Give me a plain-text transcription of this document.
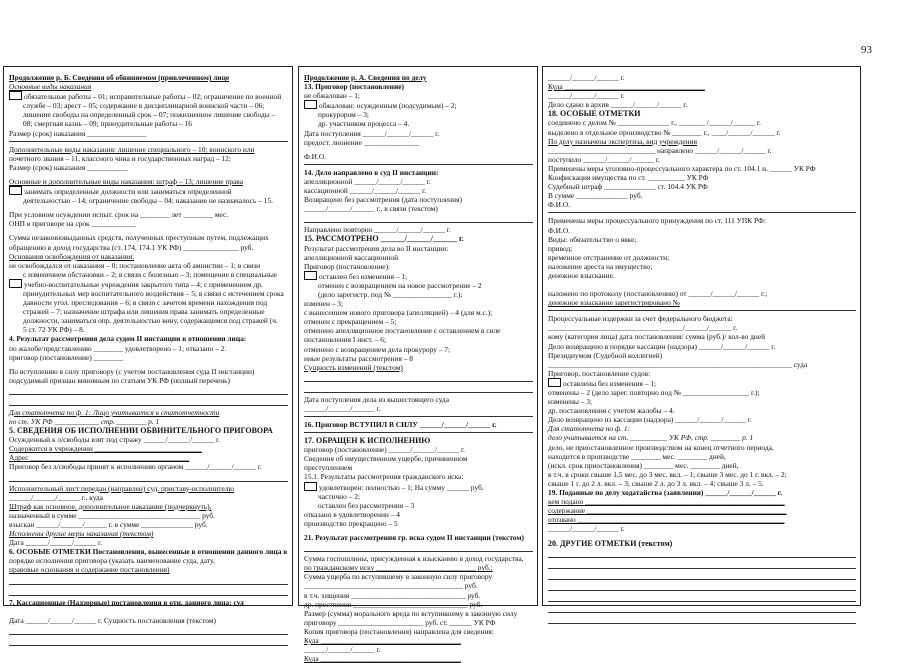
93
Продолжение р. Б. Сведения об обвиняемом (привлеченном) лице
Основные виды наказания
обязательные работы – 01; исправительные работы – 02; ограничение по военной
службе – 03; арест – 05; содержание в дисциплинарной воинской части – 06;
лишение свободы на определенный срок – 07; пожизненное лишение свободы –
08; смертная казнь – 09; принудительные работы – 16
Размер (срок) наказания ________________
Дополнительные виды наказания: лишение специального – 10; воинского или
почетного звания – 11, классного чина и государственных наград – 12;
Размер (срок) наказания ___________
Основные и дополнительные виды наказания: штраф – 13; лишение права
занимать определенные должности или заниматься определенной
деятельностью – 14; ограничение свободы – 04; наказание не назначалось – 15.
При условном осуждении испыт. срок на ________ лет ________ мес.
ОНП в приговоре на срок ____________
Сумма незаконновыданных средств, полученных преступным путем, подлежащих
обращению в доход государства (ст. 174, 174.1 УК РФ) _______________ руб.
Основания освобождения от наказания:
не освобождался от наказания – 0; постановление акта об амнистии – 1; в связи
с изменением обстановки – 2; в связи с болезнью – 3; помещение в специальные
учебно-воспитательные учреждения закрытого типа – 4; с применением др.
принудительных мер воспитательного воздействия – 5; в связи с истечением срока
давности угол. преследования – 6; в связи с зачетом времени нахождения под
стражей – 7; назначение штрафа или лишения права занимать определенные
должности, заниматься опр. деятельностью вину, содержащимся под стражей (ч.
5 ст. 72 УК РФ) – 8.
4. Результат рассмотрения дела судом II инстанции в отношении лица:
по жалобе/представлению ________ удовлетворено – 1; отказано – 2.
приговор (постановление) ________
По вступлению в силу приговору (с учетом постановления суда II инстанции)
подсудимый признан виновным по статьям УК РФ (полный перечень)
Для статотчета по ф. 1: Лицо учитывается в статотчетности
по ст. УК РФ ____________ стр. ________ р. 1
5. СВЕДЕНИЯ ОБ ИСПОЛНЕНИИ ОБВИНИТЕЛЬНОГО ПРИГОВОРА
Осужденный к л/свободы взят под стражу ______/______/______ г.
Содержится в учреждении _____________________________
Адрес ___________________________________________
Приговор без л/свободы принят к исполнению органом ______/______/______ г.
Исполнительный лист передан (направлен) суд. приставу-исполнителю
______/______/______ г., куда
Штраф как основное, дополнительное наказание (подчеркнуть),
назначенный в сумме _________________________________ руб.
взыскан ______/______/______ г. в сумме ______________ руб.
Исполнены другие меры наказания (текстом)
Дата ______/______/______ г.
6. ОСОБЫЕ ОТМЕТКИ Постановления, вынесенные в отношении данного лица в
порядке исполнения приговора (указать наименование суда, дату,
правовые основания и содержание постановления)
7. Кассационные (Надзорные) постановления в отн. данного лица: суд
Дата ______/______/______ г. Сущность постановления (текстом)
Продолжение р. А. Сведения по делу
13. Приговор (постановление)
не обжалован – 1;
обжалован: осужденным (подсудимым) – 2;
прокурором – 3;
др. участником процесса – 4.
Дата поступления ______/______/______ г.
предост. лнонение _______________
Ф.И.О.
14. Дело направлено в суд II инстанции:
апелляционной ______/______/______ г.
кассационной ______/______/______ г.
Возвращено без рассмотрения (дата поступления)
______/______/______ г., в связи (текстом)
Направлено повторно ______/______/______ г.
15. РАССМОТРЕНО ______/______/______ г.
Результат рассмотрения дела во II инстанции:
апелляционной кассационной
Приговор (постановление):
оставлен без изменения – 1;
отменен с возвращением на новое рассмотрение – 2
(дело зарегистр. под № ________________ г.);
изменен – 3;
с вынесением нового приговора (апелляцией) – 4 (для м.с.);
отменен с прекращением – 5;
отменено апелляционное постановление с оставлением в силе
постановления I инст. – 6;
отменено с возвращением дела прокурору – 7;
иные результаты рассмотрения – 8
Сущность изменений (текстом)
Дата поступления дела из вышестоящего суда
______/______/______ г.
16. Приговор ВСТУПИЛ В СИЛУ ______/______/______ г.
17. ОБРАЩЕН К ИСПОЛНЕНИЮ
приговор (постановление) ______/______/______ г.
Сведения об имущественном ущербе, причиненном
преступлением
15.1. Результаты рассмотрения гражданского иска:
удовлетворен: полностью – 1; На сумму ______ руб.
частично – 2;
оставлен без рассмотрения – 3
отказано в удовлетворении – 4
производство прекращено – 5
21. Результат рассмотрения гр. иска судом II инстанции (текстом)
Сумма госпошлины, присужденная к взысканию в доход государства,
по гражданскому иску ___________________________ руб.;
Сумма ущерба по вступившему в законную силу приговору
___________________________________________ руб.
в т.ч. хищения _______________________________ руб.
др. престпения _______________________________ руб.
Размер (сумма) морального вреда по вступившему в законную силу
приговору _______________________ руб. ст. ______ УК РФ
Копия приговора (постановления) направлена для сведения:
Куда ______________________________________
______/______/______ г.
Куда ______________________________________
______/______/______ г.
Куда ______________________________________
______/______/______ г.
Дело сдано в архив ______/______/______ г.
18. ОСОБЫЕ ОТМЕТКИ
соединено с делом № ______________ г., _______ /______/______ г.
выделено в отдельное производство № ________ г., ____/______/______ г.
По делу назначена экспертиза, вид учреждения
_____________________________ направлено ______/______/______ г.
поступило ______/______/______ г.
Применены меры уголовно-процессуального характера по ст. 104.1 н. ______ УК РФ
Конфискация имущества по ст. __________ УК РФ
Судебный штраф ______________ ст. 104.4 УК РФ
В сумме ______________ руб.
Ф.И.О.
Применены меры процессуального принуждения по ст. 111 УПК РФ:
Ф.И.О.
Виды: обязательство о явке;
привод;
временное отстранение от должности;
наложение ареста на имущество;
денежное взыскание.
наложено по протоколу (постановлению) от ______/______/______ г.;
денежное взыскание зарегистрировано №
Процессуальные издержки за счет федерального бюджета:
______________________________ ______/______/______ г.
кому (категория лица) дата постановления/ сумма (руб.)/ кол-во дней
Дело возвращено в порядке кассации (надзора) ______/______/______ г.
Президиумом (Судебной коллегией)
__________________________________________________________________ суда
Приговор, постановление судов:
оставлены без изменения – 1;
отменены – 2 (дело зарег. повторно под № __________________ г.);
изменены – 3;
др. постановления с учетом жалобы – 4.
Дело возвращено из кассации (надзора) ______/______/______ г.
Для статотчета по ф. 1:
дело учитывается на ст. __________ УК РФ, стр. ________ р. 1
дело, не приостановленное производством на конец отчетного периода,
находится в производстве ________ мес. ________ дней,
(искл. срок приостановления) ________ мес. ________ дней,
в т.ч. в сроки свыше 1,5 мес. до 3 мес. вкл. – 1; свыше 3 мес. до 1 г. вкл. – 2;
свыше 1 г. до 2 л. вкл. – 3; свыше 2 л. до 3 л. вкл. – 4; свыше 3 л. – 5.
19. Поданные по делу ходатайства (заявления) ______/______/______ г.
кем подано ______________________________________________________
содержание ______________________________________________________
отозвано ________________________________________________________
______/______/______ г.
20. ДРУГИЕ ОТМЕТКИ (текстом)
